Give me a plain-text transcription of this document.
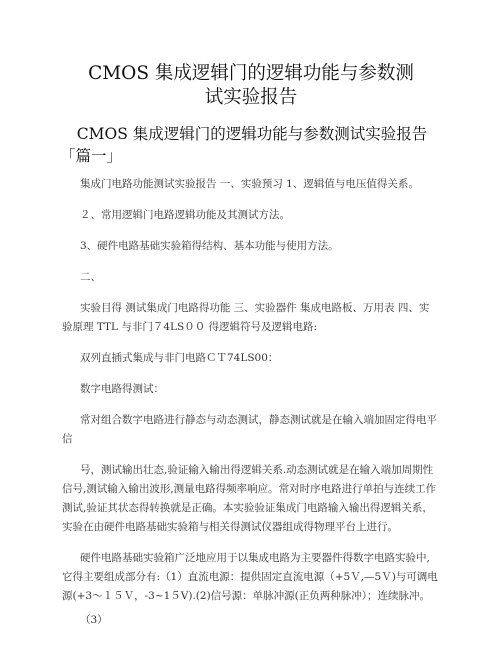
CMOS 集成逻辑门的逻辑功能与参数测
试实验报告
CMOS 集成逻辑门的逻辑功能与参数测试实验报告
「篇一」

集成门电路功能测试实验报告 一、实验预习 1、逻辑值与电压值得关系。

２、常用逻辑门电路逻辑功能及其测试方法。

3、硬件电路基础实验箱得结构、基本功能与使用方法。

二、

实验目得 测试集成门电路得功能 三、实验器件 集成电路板、万用表 四、实
验原理 TTL 与非门７4LS００ 得逻辑符号及逻辑电路:

双列直插式集成与非门电路ＣＴ74LS00：

数字电路得测试：

常对组合数字电路进行静态与动态测试，静态测试就是在输入端加固定得电平
信

号，测试输出壮态,验证输入输出得逻辑关系.动态测试就是在输入端加周期性
信号,测试输入输出波形,测量电路得频率响应。常对时序电路进行单拍与连续工作
测试,验证其状态得转换就是正确。本实验验证集成门电路输入输出得逻辑关系，
实验在由硬件电路基础实验箱与相关得测试仪器组成得物理平台上进行。

硬件电路基础实验箱广泛地应用于以集成电路为主要器件得数字电路实验中,
它得主要组成部分有:（1）直流电源：提供固定直流电源（+5Ｖ,—5Ｖ)与可调电
源(+3～１５Ｖ，-3~1５V).(2)信号源：单脉冲源(正负两种脉冲）；连续脉冲。

（3）
